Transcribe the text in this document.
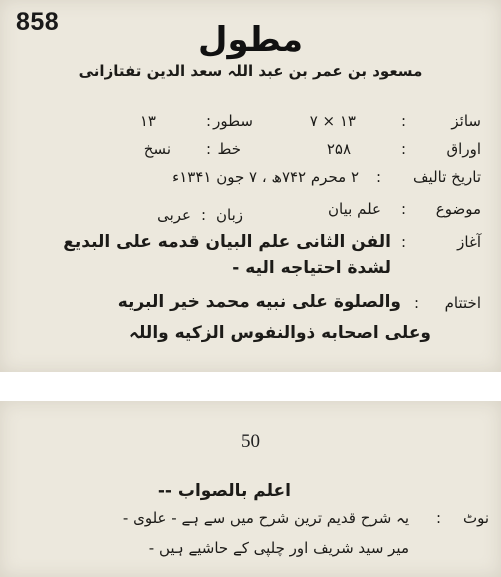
858	مطول
مسعود بن عمر بن عبد اللہ سعد الدین تفتازانی
سائز
:
۱۳ × ۷
سطور
:
۱۳
اوراق
:
۲۵۸
خط
:
نسخ
تاریخ تالیف
:
۲ محرم ۷۴۲ھ ، ۷ جون ۱۳۴۱ء
موضوع
:
علم بیان
زبان
:
عربی
آغاز
:
الفن الثانی علم البیان قدمه علی البدیع
لشدة احتیاجه الیه -
اختتام
:
والصلوة علی نبیه محمد خیر البریه
وعلی اصحابه ذوالنفوس الزکیه واللہ
50
اعلم بالصواب --
نوٹ
:
یہ شرح قدیم ترین شرح میں سے ہے - علوی -
میر سید شریف اور چلپی کے حاشیے ہیں -
